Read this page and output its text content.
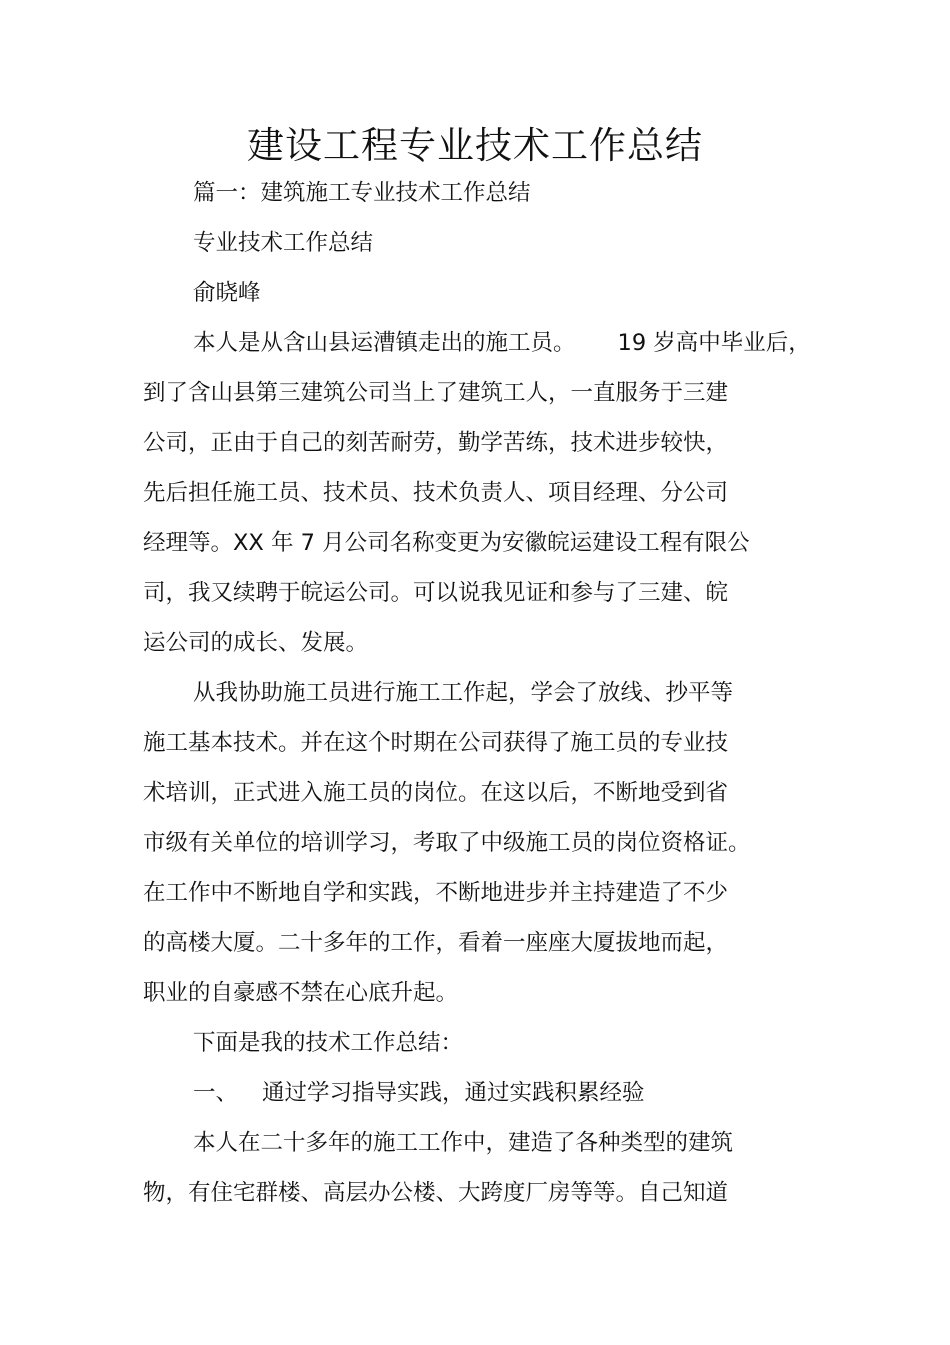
建设工程专业技术工作总结
篇一：建筑施工专业技术工作总结
专业技术工作总结
俞晓峰
本人是从含山县运漕镇走出的施工员。 19 岁高中毕业后，
到了含山县第三建筑公司当上了建筑工人，一直服务于三建
公司，正由于自己的刻苦耐劳，勤学苦练，技术进步较快，
先后担任施工员、技术员、技术负责人、项目经理、分公司
经理等。XX 年 7 月公司名称变更为安徽皖运建设工程有限公
司，我又续聘于皖运公司。可以说我见证和参与了三建、皖
运公司的成长、发展。
从我协助施工员进行施工工作起，学会了放线、抄平等
施工基本技术。并在这个时期在公司获得了施工员的专业技
术培训，正式进入施工员的岗位。在这以后，不断地受到省
市级有关单位的培训学习，考取了中级施工员的岗位资格证。
在工作中不断地自学和实践，不断地进步并主持建造了不少
的高楼大厦。二十多年的工作，看着一座座大厦拔地而起，
职业的自豪感不禁在心底升起。
下面是我的技术工作总结：
一、 通过学习指导实践，通过实践积累经验
本人在二十多年的施工工作中，建造了各种类型的建筑
物，有住宅群楼、高层办公楼、大跨度厂房等等。自己知道
